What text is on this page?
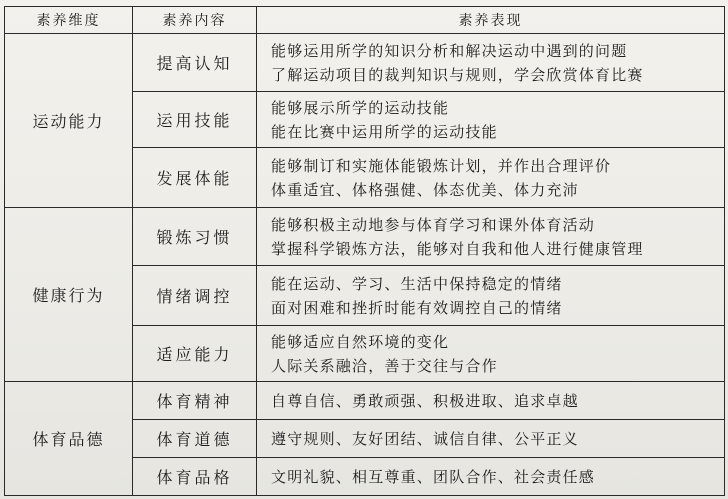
素养维度	素养内容	素养表现
运动能力	提高认知	能够运用所学的知识分析和解决运动中遇到的问题
了解运动项目的裁判知识与规则，学会欣赏体育比赛

	运用技能	能够展示所学的运动技能
能在比赛中运用所学的运动技能

	发展体能	能够制订和实施体能锻炼计划，并作出合理评价
体重适宜、体格强健、体态优美、体力充沛

健康行为	锻炼习惯	能够积极主动地参与体育学习和课外体育活动
掌握科学锻炼方法，能够对自我和他人进行健康管理

	情绪调控	能在运动、学习、生活中保持稳定的情绪
面对困难和挫折时能有效调控自己的情绪

	适应能力	能够适应自然环境的变化
人际关系融洽，善于交往与合作

体育品德	体育精神	自尊自信、勇敢顽强、积极进取、追求卓越

	体育道德	遵守规则、友好团结、诚信自律、公平正义

	体育品格	文明礼貌、相互尊重、团队合作、社会责任感
